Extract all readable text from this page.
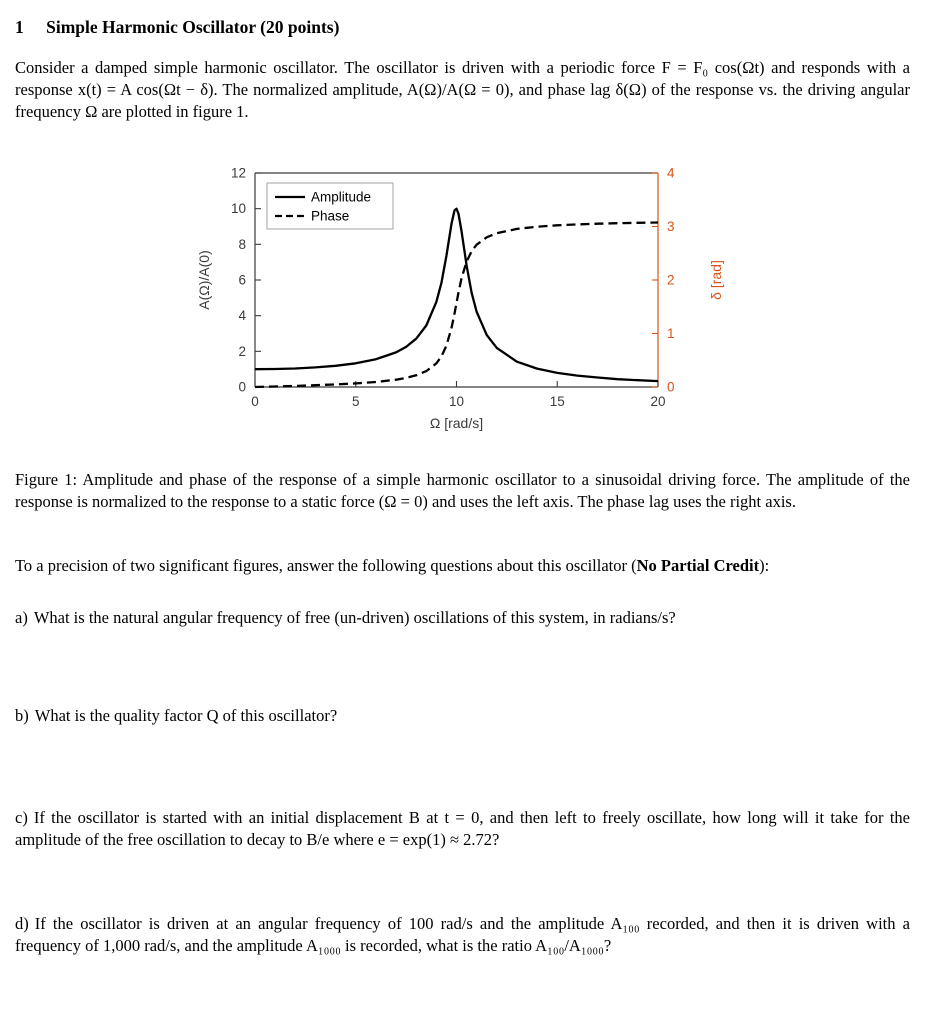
1 Simple Harmonic Oscillator (20 points)

Consider a damped simple harmonic oscillator. The oscillator is driven with a periodic force F = F₀ cos(Ωt) and responds with a response x(t) = A cos(Ωt − δ). The normalized amplitude, A(Ω)/A(Ω = 0), and phase lag δ(Ω) of the response vs. the driving angular frequency Ω are plotted in figure 1.

0	5	10	15	20
0
2
4
6
8
10
12
0
1
2
3
4
Ω [rad/s]
A(Ω)/A(0)	δ [rad]
Amplitude
Phase

Figure 1: Amplitude and phase of the response of a simple harmonic oscillator to a sinusoidal driving force. The amplitude of the response is normalized to the response to a static force (Ω = 0) and uses the left axis. The phase lag uses the right axis.

To a precision of two significant figures, answer the following questions about this oscillator (No Partial Credit):

a) What is the natural angular frequency of free (un-driven) oscillations of this system, in radians/s?

b) What is the quality factor Q of this oscillator?

c) If the oscillator is started with an initial displacement B at t = 0, and then left to freely oscillate, how long will it take for the amplitude of the free oscillation to decay to B/e where e = exp(1) ≈ 2.72?

d) If the oscillator is driven at an angular frequency of 100 rad/s and the amplitude A₁₀₀ recorded, and then it is driven with a frequency of 1,000 rad/s, and the amplitude A₁₀₀₀ is recorded, what is the ratio A₁₀₀/A₁₀₀₀?
